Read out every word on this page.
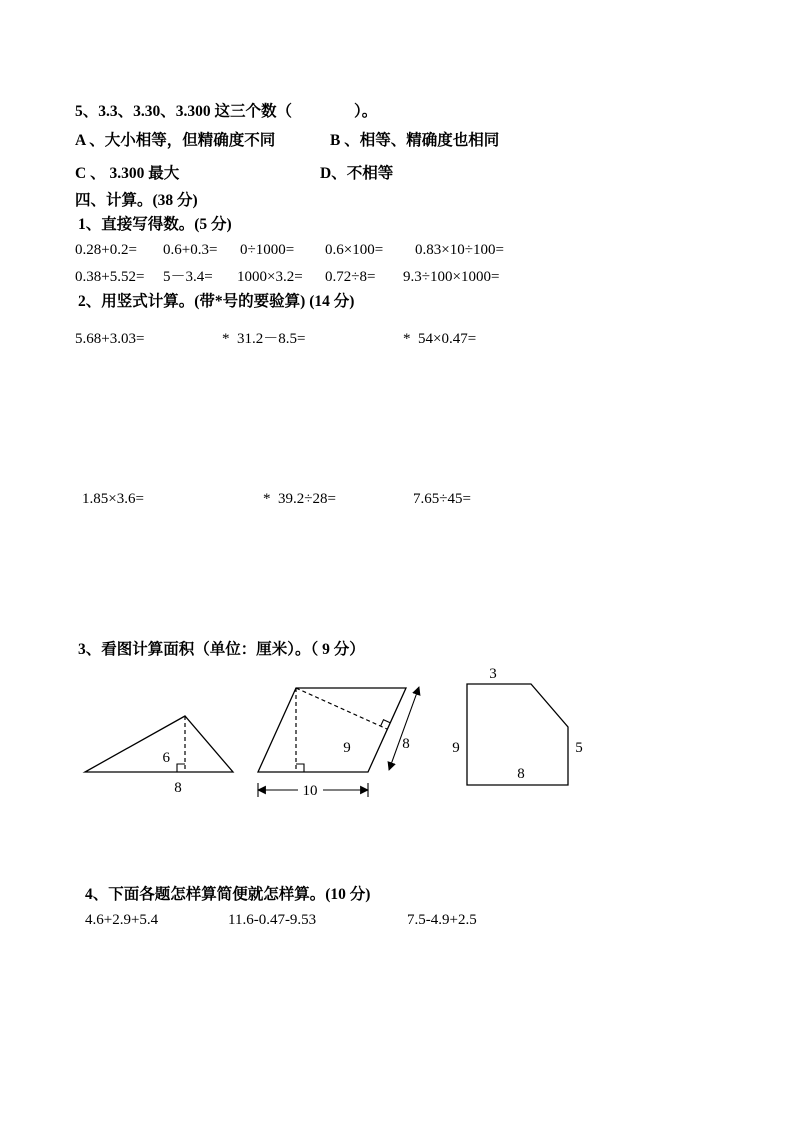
5、3.3、3.30、3.300 这三个数（　　　　）。
A 、大小相等，但精确度不同	B 、相等、精确度也相同
C 、 3.300 最大	D、不相等
四、计算。(38 分)
1、直接写得数。(5 分)
0.28+0.2= 0.6+0.3= 0÷1000= 0.6×100= 0.83×10÷100=
0.38+5.52= 5－3.4= 1000×3.2= 0.72÷8= 9.3÷100×1000=
2、用竖式计算。(带*号的要验算) (14 分)
5.68+3.03=	*  31.2－8.5=	*  54×0.47=
1.85×3.6=	*  39.2÷28=	7.65÷45=
3、看图计算面积（单位：厘米）。（ 9 分）
6
8
9	8
10
3
9	5
8
4、下面各题怎样算简便就怎样算。(10 分)
4.6+2.9+5.4	11.6-0.47-9.53	7.5-4.9+2.5
